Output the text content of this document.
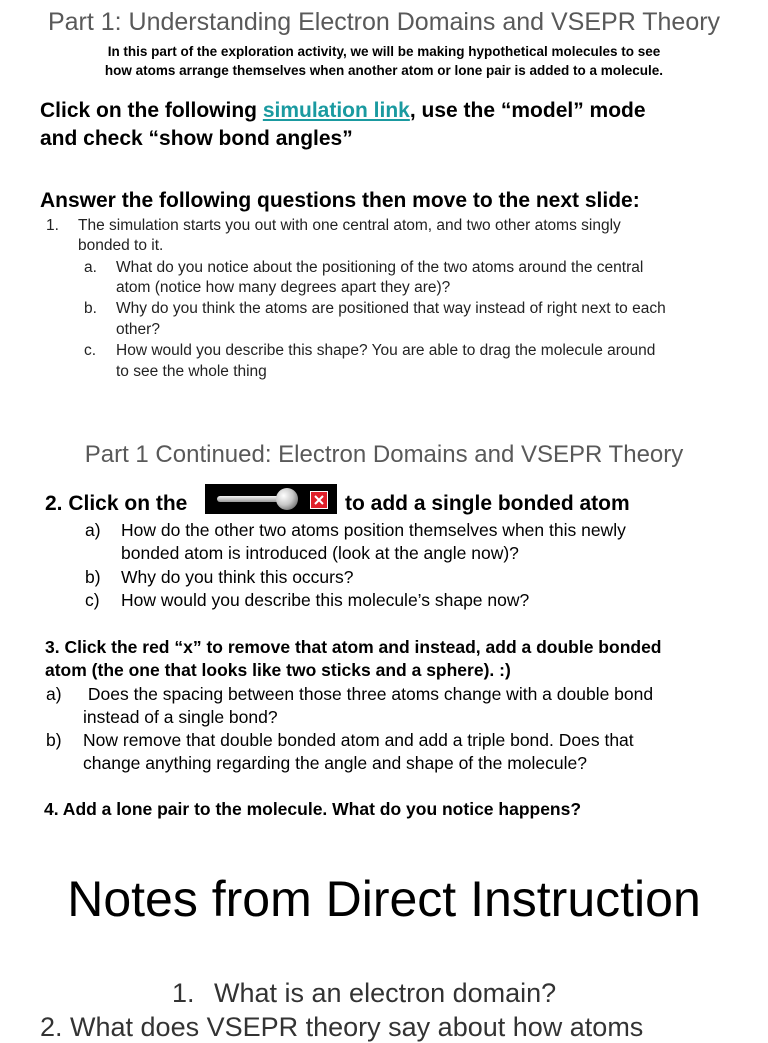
Part 1: Understanding Electron Domains and VSEPR Theory
In this part of the exploration activity, we will be making hypothetical molecules to see
how atoms arrange themselves when another atom or lone pair is added to a molecule.
Click on the following simulation link, use the “model” mode
and check “show bond angles”
Answer the following questions then move to the next slide:
1. The simulation starts you out with one central atom, and two other atoms singly
bonded to it.
a. What do you notice about the positioning of the two atoms around the central
atom (notice how many degrees apart they are)?
b. Why do you think the atoms are positioned that way instead of right next to each
other?
c. How would you describe this shape? You are able to drag the molecule around
to see the whole thing
Part 1 Continued: Electron Domains and VSEPR Theory
2. Click on the	to add a single bonded atom
a) How do the other two atoms position themselves when this newly
bonded atom is introduced (look at the angle now)?
b) Why do you think this occurs?
c) How would you describe this molecule’s shape now?
3. Click the red “x” to remove that atom and instead, add a double bonded
atom (the one that looks like two sticks and a sphere). :)
a) Does the spacing between those three atoms change with a double bond
instead of a single bond?
b) Now remove that double bonded atom and add a triple bond. Does that
change anything regarding the angle and shape of the molecule?
4. Add a lone pair to the molecule. What do you notice happens?
Notes from Direct Instruction
1. What is an electron domain?
2. What does VSEPR theory say about how atoms
